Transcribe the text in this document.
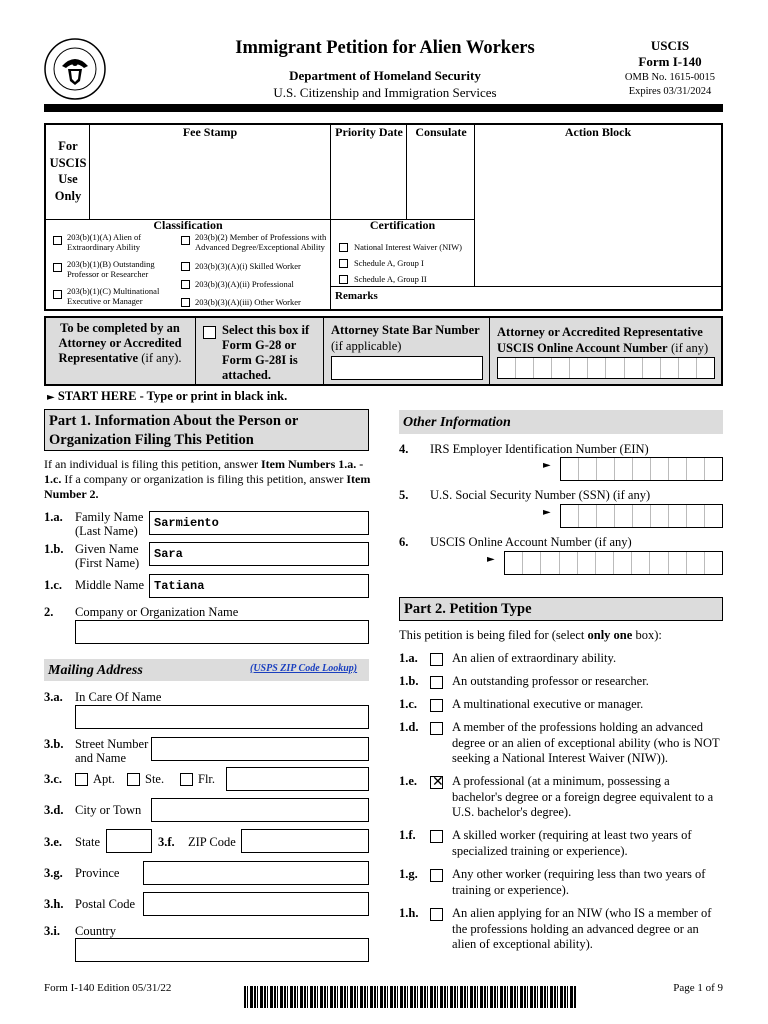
Immigrant Petition for Alien Workers
Department of Homeland Security
U.S. Citizenship and Immigration Services
USCIS
Form I-140
OMB No. 1615-0015
Expires 03/31/2024
For USCIS Use Only
Fee Stamp	Priority Date	Consulate	Action Block
Classification
203(b)(1)(A) Alien of Extraordinary Ability
203(b)(1)(B) Outstanding Professor or Researcher
203(b)(1)(C) Multinational Executive or Manager
203(b)(2) Member of Professions with Advanced Degree/Exceptional Ability
203(b)(3)(A)(i) Skilled Worker
203(b)(3)(A)(ii) Professional
203(b)(3)(A)(iii) Other Worker
Certification
National Interest Waiver (NIW)
Schedule A, Group I
Schedule A, Group II
Remarks
To be completed by an Attorney or Accredited Representative (if any).
Select this box if Form G-28 or Form G-28I is attached.
Attorney State Bar Number
(if applicable)
Attorney or Accredited Representative USCIS Online Account Number (if any)
► START HERE - Type or print in black ink.
Part 1. Information About the Person or Organization Filing This Petition
If an individual is filing this petition, answer Item Numbers 1.a. - 1.c. If a company or organization is filing this petition, answer Item Number 2.
1.a. Family Name (Last Name)
Sarmiento
1.b. Given Name (First Name)
Sara
1.c. Middle Name Tatiana
2. Company or Organization Name
Mailing Address	(USPS ZIP Code Lookup)
3.a. In Care Of Name
3.b. Street Number and Name
3.c. Apt. Ste.	Flr.
3.d. City or Town
3.e. State	3.f. ZIP Code
3.g. Province
3.h. Postal Code
3.i. Country
Other Information
4. IRS Employer Identification Number (EIN)
►
5. U.S. Social Security Number (SSN) (if any)
►
6. USCIS Online Account Number (if any)
►
Part 2. Petition Type
This petition is being filed for (select only one box):
1.a.	An alien of extraordinary ability.
1.b.	An outstanding professor or researcher.
1.c.	A multinational executive or manager.
1.d.	A member of the professions holding an advanced degree or an alien of exceptional ability (who is NOT seeking a National Interest Waiver (NIW)).
1.e. ✕ A professional (at a minimum, possessing a bachelor's degree or a foreign degree equivalent to a U.S. bachelor's degree).
1.f.	A skilled worker (requiring at least two years of specialized training or experience).
1.g.	Any other worker (requiring less than two years of training or experience).
1.h.	An alien applying for an NIW (who IS a member of the professions holding an advanced degree or an alien of exceptional ability).
Form I-140 Edition 05/31/22	Page 1 of 9
